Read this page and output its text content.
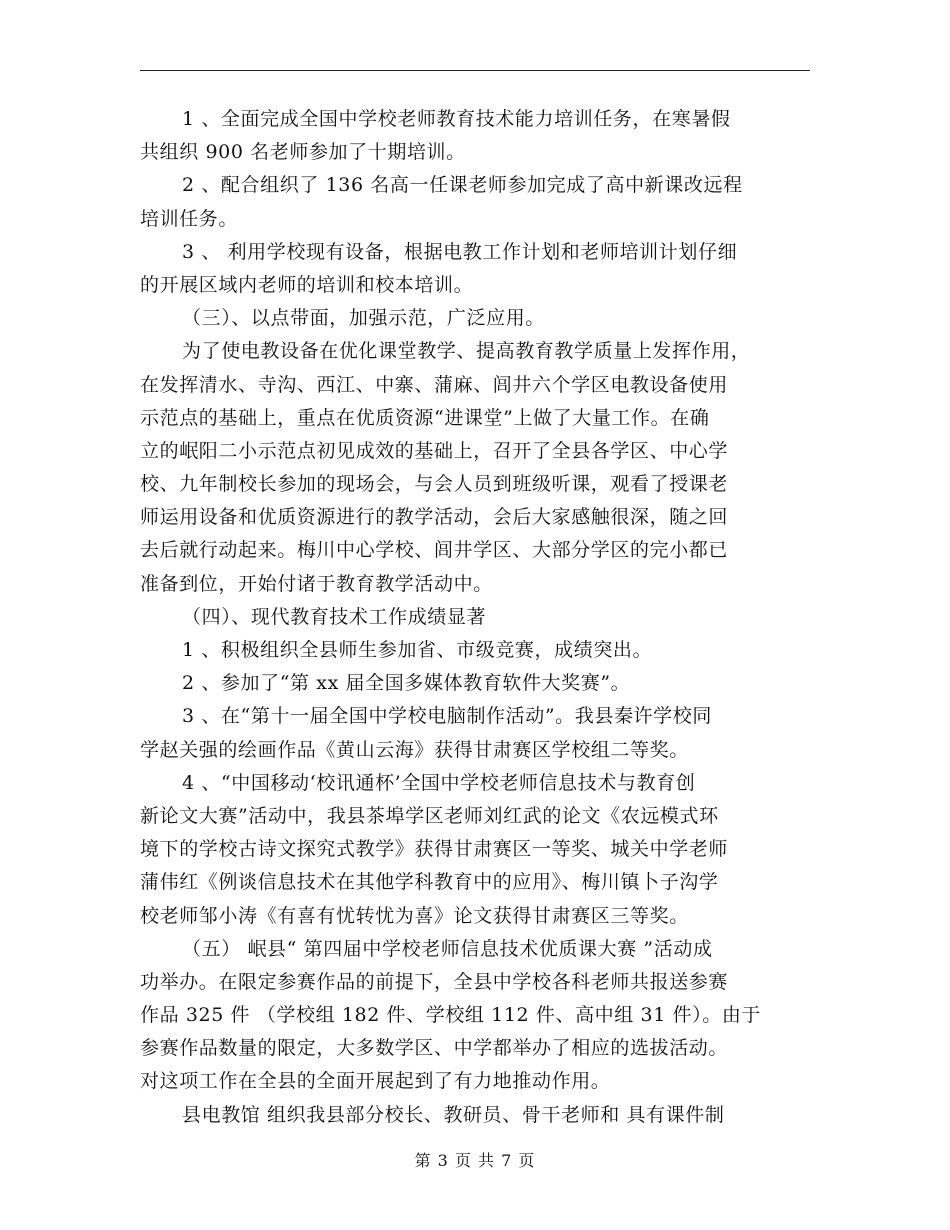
1 、全面完成全国中学校老师教育技术能力培训任务，在寒暑假
共组织 900 名老师参加了十期培训。
2 、配合组织了 136 名高一任课老师参加完成了高中新课改远程
培训任务。
3 、 利用学校现有设备，根据电教工作计划和老师培训计划仔细
的开展区域内老师的培训和校本培训。
（三）、以点带面，加强示范，广泛应用。
为了使电教设备在优化课堂教学、提高教育教学质量上发挥作用，
在发挥清水、寺沟、西江、中寨、蒲麻、闾井六个学区电教设备使用
示范点的基础上，重点在优质资源“进课堂”上做了大量工作。在确
立的岷阳二小示范点初见成效的基础上，召开了全县各学区、中心学
校、九年制校长参加的现场会，与会人员到班级听课，观看了授课老
师运用设备和优质资源进行的教学活动，会后大家感触很深，随之回
去后就行动起来。梅川中心学校、闾井学区、大部分学区的完小都已
准备到位，开始付诸于教育教学活动中。
（四）、现代教育技术工作成绩显著
1 、积极组织全县师生参加省、市级竞赛，成绩突出。
2 、参加了“第 xx 届全国多媒体教育软件大奖赛”。
3 、在“第十一届全国中学校电脑制作活动”。我县秦许学校同
学赵关强的绘画作品《黄山云海》获得甘肃赛区学校组二等奖。
4 、“中国移动‘校讯通杯’全国中学校老师信息技术与教育创
新论文大赛”活动中，我县茶埠学区老师刘红武的论文《农远模式环
境下的学校古诗文探究式教学》获得甘肃赛区一等奖、城关中学老师
蒲伟红《例谈信息技术在其他学科教育中的应用》、梅川镇卜子沟学
校老师邹小涛《有喜有忧转忧为喜》论文获得甘肃赛区三等奖。
（五） 岷县“ 第四届中学校老师信息技术优质课大赛 ”活动成
功举办。在限定参赛作品的前提下，全县中学校各科老师共报送参赛
作品 325 件 （学校组 182 件、学校组 112 件、高中组 31 件）。由于
参赛作品数量的限定，大多数学区、中学都举办了相应的选拔活动。
对这项工作在全县的全面开展起到了有力地推动作用。
县电教馆 组织我县部分校长、教研员、骨干老师和 具有课件制
第 3 页 共 7 页
